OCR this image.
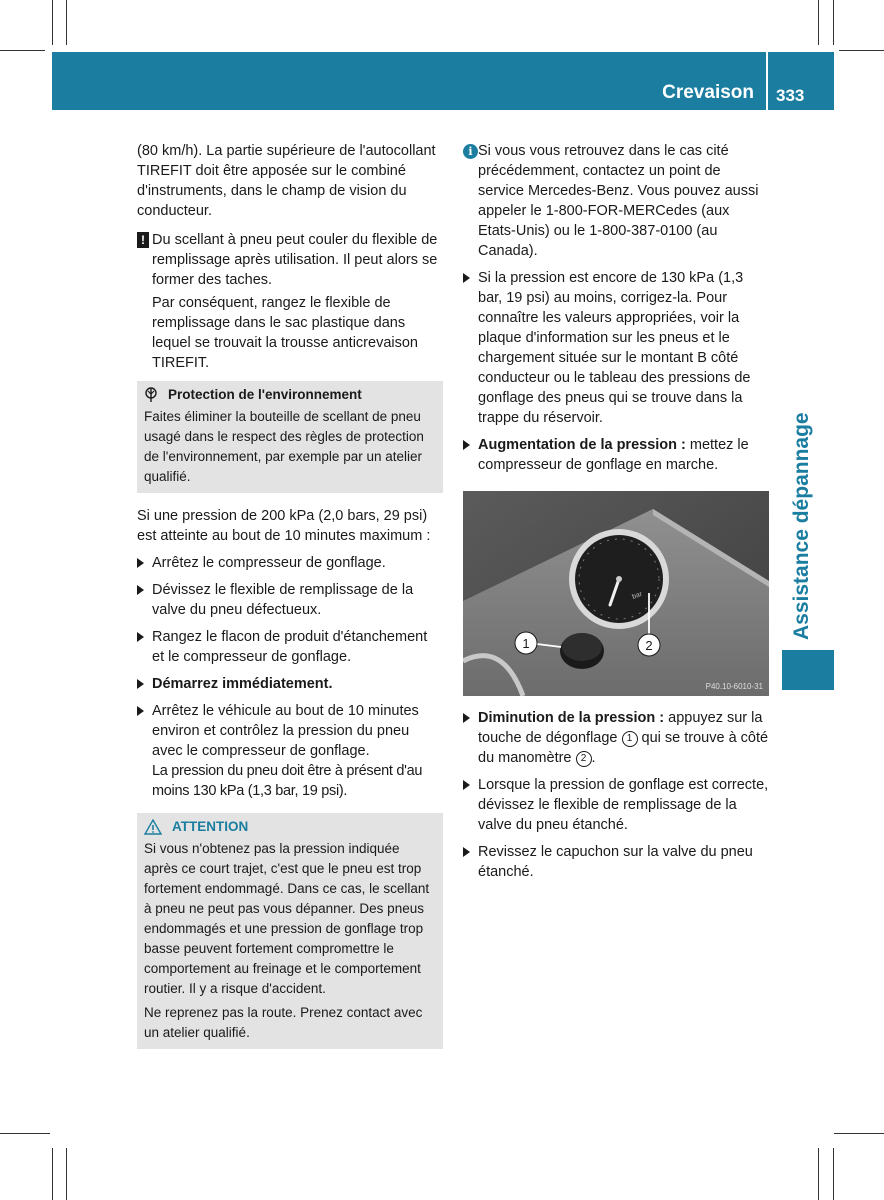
Crevaison 333
Assistance dépannage

(80 km/h). La partie supérieure de l'autocollant TIREFIT doit être apposée sur le combiné d'instruments, dans le champ de vision du conducteur.

! Du scellant à pneu peut couler du flexible de remplissage après utilisation. Il peut alors se former des taches.

Par conséquent, rangez le flexible de remplissage dans le sac plastique dans lequel se trouvait la trousse anticrevaison TIREFIT.

Protection de l'environnement

Faites éliminer la bouteille de scellant de pneu usagé dans le respect des règles de protection de l'environnement, par exemple par un atelier qualifié.

Si une pression de 200 kPa (2,0 bars, 29 psi) est atteinte au bout de 10 minutes maximum :

Arrêtez le compresseur de gonflage.

Dévissez le flexible de remplissage de la valve du pneu défectueux.

Rangez le flacon de produit d'étanchement et le compresseur de gonflage.

Démarrez immédiatement.

Arrêtez le véhicule au bout de 10 minutes environ et contrôlez la pression du pneu avec le compresseur de gonflage.

La pression du pneu doit être à présent d'au moins 130 kPa (1,3 bar, 19 psi).

ATTENTION

Si vous n'obtenez pas la pression indiquée après ce court trajet, c'est que le pneu est trop fortement endommagé. Dans ce cas, le scellant à pneu ne peut pas vous dépanner. Des pneus endommagés et une pression de gonflage trop basse peuvent fortement compromettre le comportement au freinage et le comportement routier. Il y a risque d'accident.

Ne reprenez pas la route. Prenez contact avec un atelier qualifié.

i Si vous vous retrouvez dans le cas cité précédemment, contactez un point de service Mercedes-Benz. Vous pouvez aussi appeler le 1-800-FOR-MERCedes (aux Etats-Unis) ou le 1-800-387-0100 (au Canada).

Si la pression est encore de 130 kPa (1,3 bar, 19 psi) au moins, corrigez-la. Pour connaître les valeurs appropriées, voir la plaque d'information sur les pneus et le chargement située sur le montant B côté conducteur ou le tableau des pressions de gonflage des pneus qui se trouve dans la trappe du réservoir.

Augmentation de la pression : mettez le compresseur de gonflage en marche.

bar
1	2
P40.10-6010-31

Diminution de la pression : appuyez sur la touche de dégonflage 1 qui se trouve à côté du manomètre 2 .

Lorsque la pression de gonflage est correcte, dévissez le flexible de remplissage de la valve du pneu étanché.

Revissez le capuchon sur la valve du pneu étanché.
